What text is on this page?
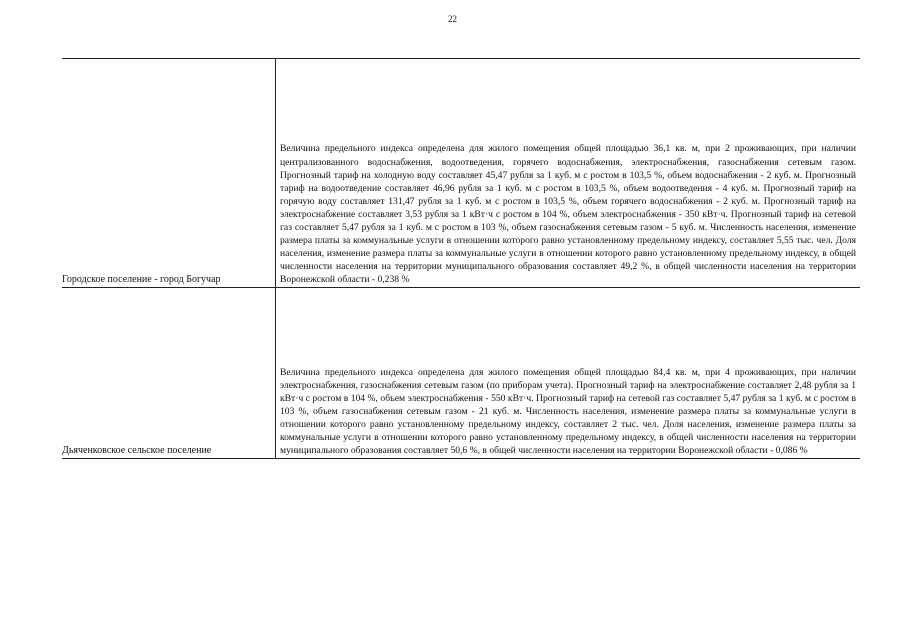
22
Городское поселение - город Богучар

Величина предельного индекса определена для жилого помещения общей площадью 36,1 кв. м, при 2 проживающих, при наличии централизованного водоснабжения, водоотведения, горячего водоснабжения, электроснабжения, газоснабжения сетевым газом. Прогнозный тариф на холодную воду составляет 45,47 рубля за 1 куб. м с ростом в 103,5 %, объем водоснабжения - 2 куб. м. Прогнозный тариф на водоотведение составляет 46,96 рубля за 1 куб. м с ростом в 103,5 %, объем водоотведения - 4 куб. м. Прогнозный тариф на горячую воду составляет 131,47 рубля за 1 куб. м с ростом в 103,5 %, объем горячего водоснабжения - 2 куб. м. Прогнозный тариф на электроснабжение составляет 3,53 рубля за 1 кВт·ч с ростом в 104 %, объем электроснабжения - 350 кВт·ч. Прогнозный тариф на сетевой газ составляет 5,47 рубля за 1 куб. м с ростом в 103 %, объем газоснабжения сетевым газом - 5 куб. м. Численность населения, изменение размера платы за коммунальные услуги в отношении которого равно установленному предельному индексу, составляет 5,55 тыс. чел. Доля населения, изменение размера платы за коммунальные услуги в отношении которого равно установленному предельному индексу, в общей численности населения на территории муниципального образования составляет 49,2 %, в общей численности населения на территории Воронежской области - 0,238 %

Дьяченковское сельское поселение

Величина предельного индекса определена для жилого помещения общей площадью 84,4 кв. м, при 4 проживающих, при наличии электроснабжения, газоснабжения сетевым газом (по приборам учета). Прогнозный тариф на электроснабжение составляет 2,48 рубля за 1 кВт·ч с ростом в 104 %, объем электроснабжения - 550 кВт·ч. Прогнозный тариф на сетевой газ составляет 5,47 рубля за 1 куб. м с ростом в 103 %, объем газоснабжения сетевым газом - 21 куб. м. Численность населения, изменение размера платы за коммунальные услуги в отношении которого равно установленному предельному индексу, составляет 2 тыс. чел. Доля населения, изменение размера платы за коммунальные услуги в отношении которого равно установленному предельному индексу, в общей численности населения на территории муниципального образования составляет 50,6 %, в общей численности населения на территории Воронежской области - 0,086 %
